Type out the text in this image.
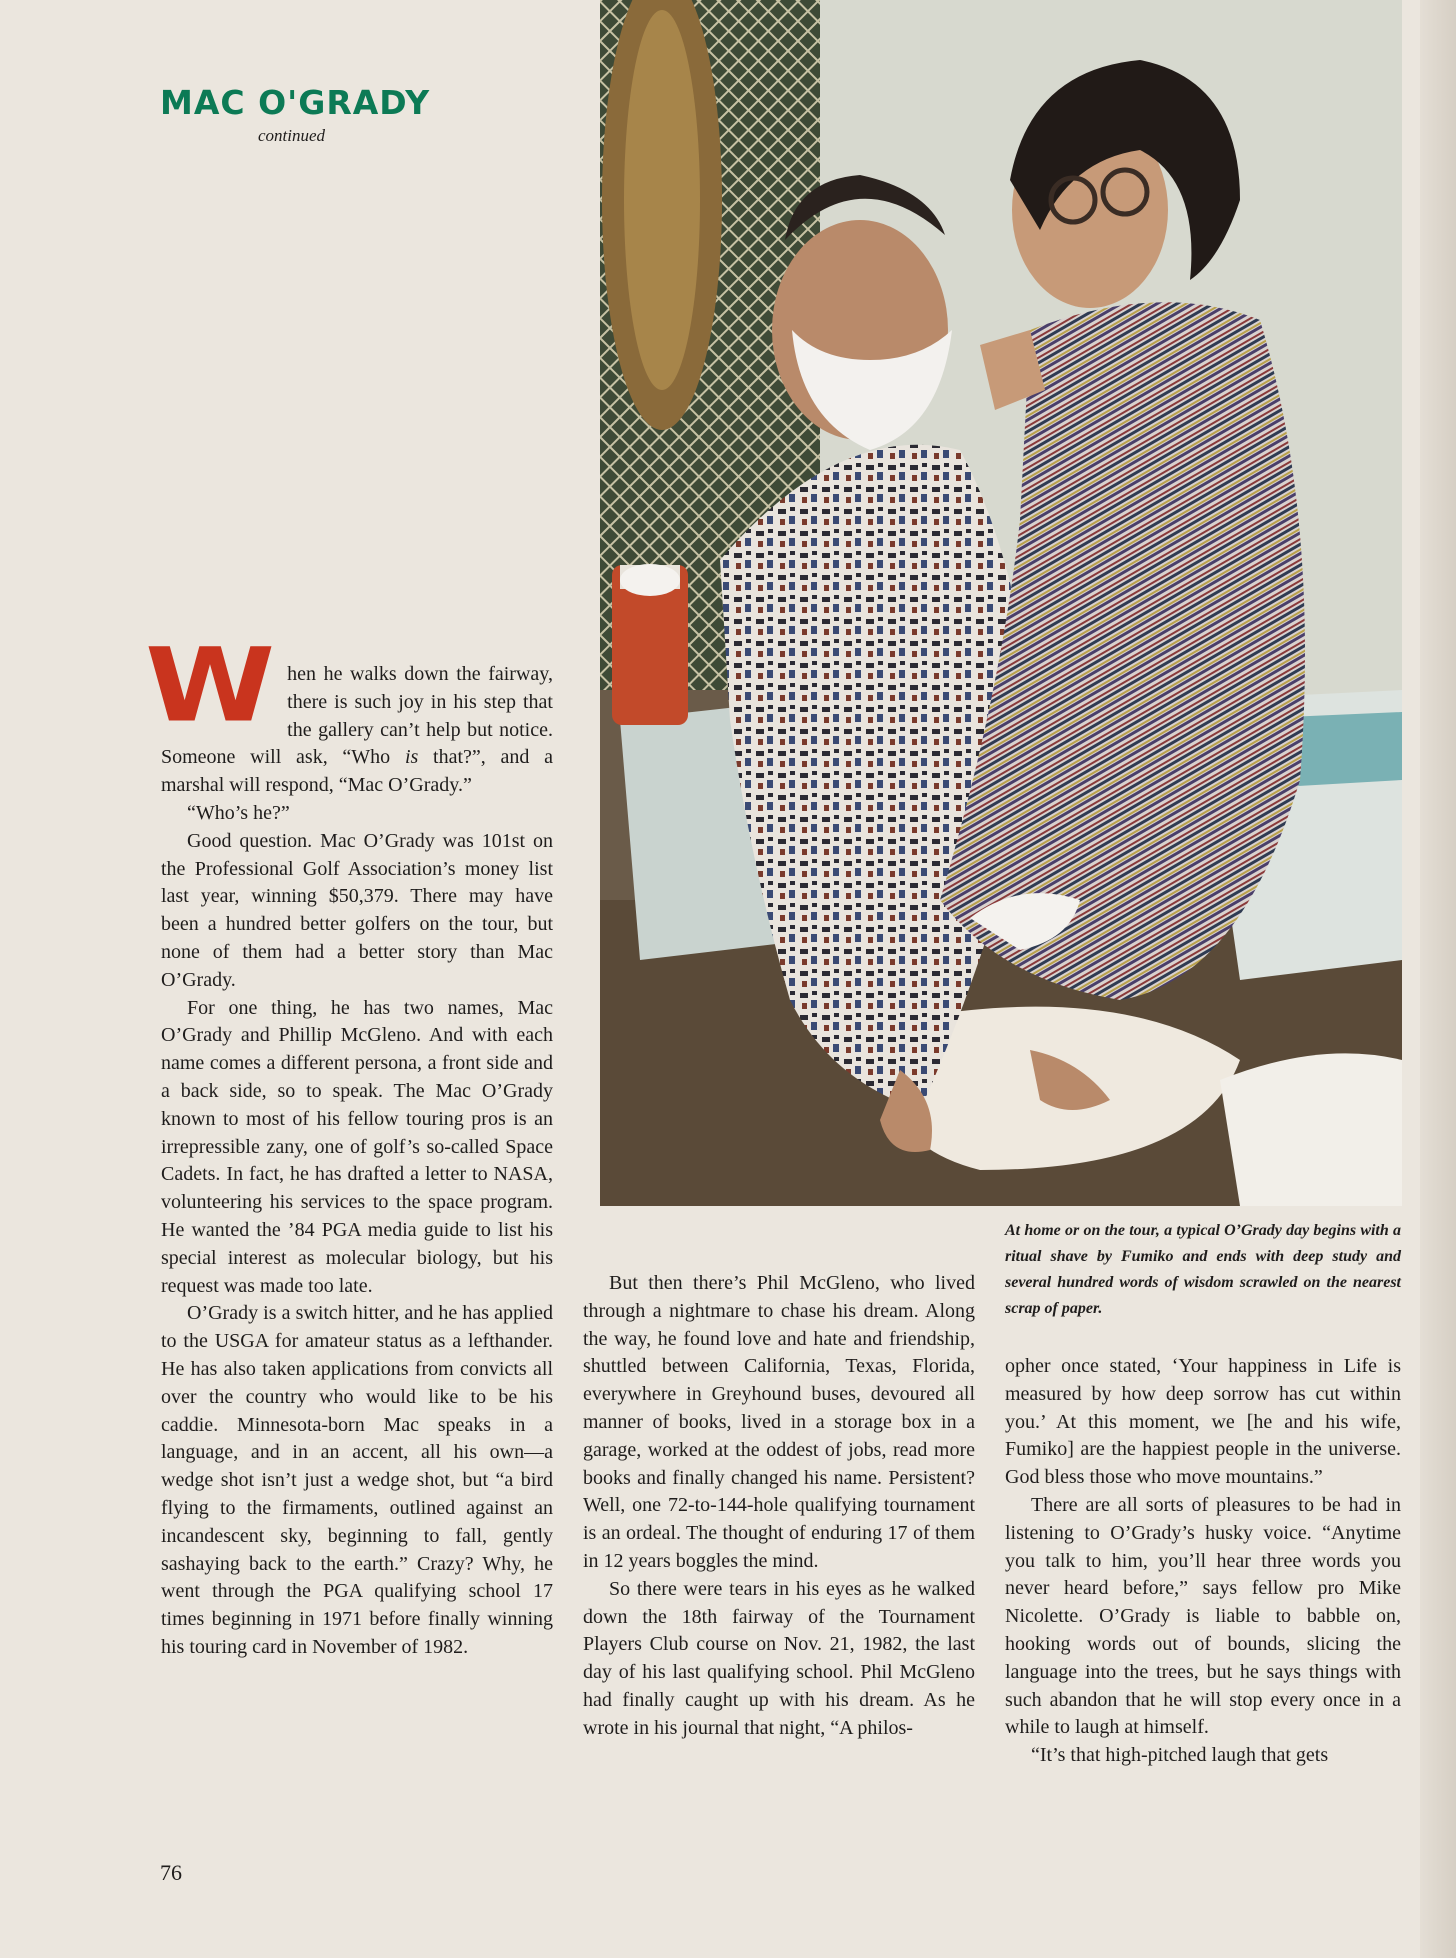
MAC O'GRADY
continued
At home or on the tour, a typical O’Grady day begins with a ritual shave by Fumiko and ends with deep study and several hundred words of wisdom scrawled on the nearest scrap of paper.

When he walks down the fairway, there is such joy in his step that the gallery can’t help but notice. Someone will ask, “Who is that?”, and a marshal will respond, “Mac O’Grady.”

“Who’s he?”

Good question. Mac O’Grady was 101st on the Professional Golf Association’s money list last year, winning $50,379. There may have been a hundred better golfers on the tour, but none of them had a better story than Mac O’Grady.

For one thing, he has two names, Mac O’Grady and Phillip McGleno. And with each name comes a different persona, a front side and a back side, so to speak. The Mac O’Grady known to most of his fellow touring pros is an irrepressible zany, one of golf’s so-called Space Cadets. In fact, he has drafted a letter to NASA, volunteering his services to the space program. He wanted the ’84 PGA media guide to list his special interest as molecular biology, but his request was made too late.

O’Grady is a switch hitter, and he has applied to the USGA for amateur status as a lefthander. He has also taken applications from convicts all over the country who would like to be his caddie. Minnesota-born Mac speaks in a language, and in an accent, all his own—a wedge shot isn’t just a wedge shot, but “a bird flying to the firmaments, outlined against an incandescent sky, beginning to fall, gently sashaying back to the earth.” Crazy? Why, he went through the PGA qualifying school 17 times beginning in 1971 before finally winning his touring card in November of 1982.

But then there’s Phil McGleno, who lived through a nightmare to chase his dream. Along the way, he found love and hate and friendship, shuttled between California, Texas, Florida, everywhere in Greyhound buses, devoured all manner of books, lived in a storage box in a garage, worked at the oddest of jobs, read more books and finally changed his name. Persistent? Well, one 72-to-144-hole qualifying tournament is an ordeal. The thought of enduring 17 of them in 12 years boggles the mind.

So there were tears in his eyes as he walked down the 18th fairway of the Tournament Players Club course on Nov. 21, 1982, the last day of his last qualifying school. Phil McGleno had finally caught up with his dream. As he wrote in his journal that night, “A philos-

opher once stated, ‘Your happiness in Life is measured by how deep sorrow has cut within you.’ At this moment, we [he and his wife, Fumiko] are the happiest people in the universe. God bless those who move mountains.”

There are all sorts of pleasures to be had in listening to O’Grady’s husky voice. “Anytime you talk to him, you’ll hear three words you never heard before,” says fellow pro Mike Nicolette. O’Grady is liable to babble on, hooking words out of bounds, slicing the language into the trees, but he says things with such abandon that he will stop every once in a while to laugh at himself.

“It’s that high-pitched laugh that gets

76
